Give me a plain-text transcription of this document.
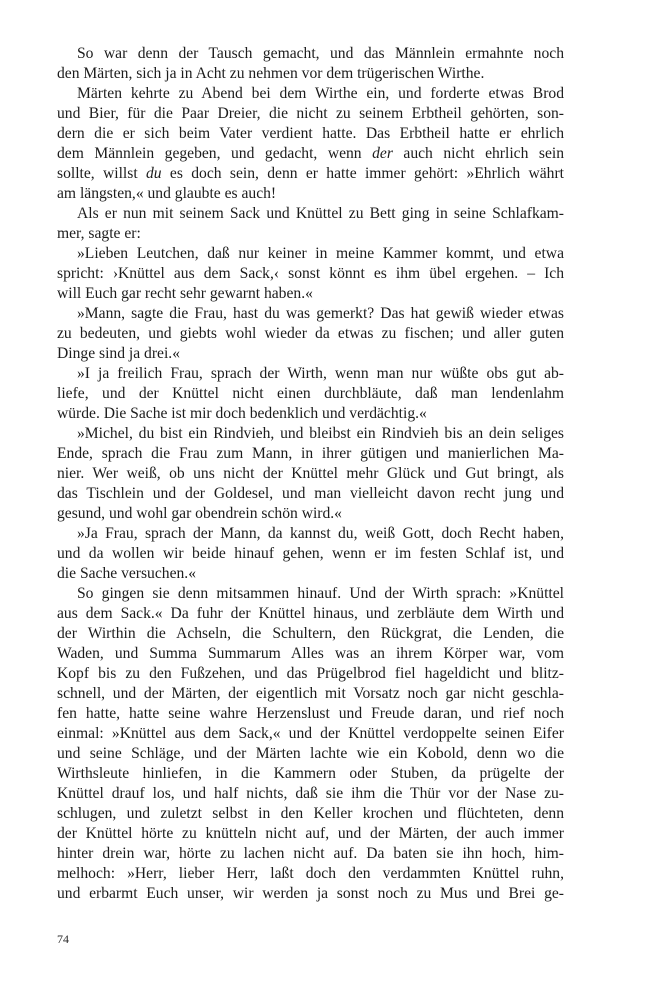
So war denn der Tausch gemacht, und das Männlein ermahnte noch
den Märten, sich ja in Acht zu nehmen vor dem trügerischen Wirthe.
Märten kehrte zu Abend bei dem Wirthe ein, und forderte etwas Brod
und Bier, für die Paar Dreier, die nicht zu seinem Erbtheil gehörten, son-
dern die er sich beim Vater verdient hatte. Das Erbtheil hatte er ehrlich
dem Männlein gegeben, und gedacht, wenn der auch nicht ehrlich sein
sollte, willst du es doch sein, denn er hatte immer gehört: »Ehrlich währt
am längsten,« und glaubte es auch!
Als er nun mit seinem Sack und Knüttel zu Bett ging in seine Schlafkam-
mer, sagte er:
»Lieben Leutchen, daß nur keiner in meine Kammer kommt, und etwa
spricht: ›Knüttel aus dem Sack,‹ sonst könnt es ihm übel ergehen. – Ich
will Euch gar recht sehr gewarnt haben.«
»Mann, sagte die Frau, hast du was gemerkt? Das hat gewiß wieder etwas
zu bedeuten, und giebts wohl wieder da etwas zu fischen; und aller guten
Dinge sind ja drei.«
»I ja freilich Frau, sprach der Wirth, wenn man nur wüßte obs gut ab-
liefe, und der Knüttel nicht einen durchbläute, daß man lendenlahm
würde. Die Sache ist mir doch bedenklich und verdächtig.«
»Michel, du bist ein Rindvieh, und bleibst ein Rindvieh bis an dein seliges
Ende, sprach die Frau zum Mann, in ihrer gütigen und manierlichen Ma-
nier. Wer weiß, ob uns nicht der Knüttel mehr Glück und Gut bringt, als
das Tischlein und der Goldesel, und man vielleicht davon recht jung und
gesund, und wohl gar obendrein schön wird.«
»Ja Frau, sprach der Mann, da kannst du, weiß Gott, doch Recht haben,
und da wollen wir beide hinauf gehen, wenn er im festen Schlaf ist, und
die Sache versuchen.«
So gingen sie denn mitsammen hinauf. Und der Wirth sprach: »Knüttel
aus dem Sack.« Da fuhr der Knüttel hinaus, und zerbläute dem Wirth und
der Wirthin die Achseln, die Schultern, den Rückgrat, die Lenden, die
Waden, und Summa Summarum Alles was an ihrem Körper war, vom
Kopf bis zu den Fußzehen, und das Prügelbrod fiel hageldicht und blitz-
schnell, und der Märten, der eigentlich mit Vorsatz noch gar nicht geschla-
fen hatte, hatte seine wahre Herzenslust und Freude daran, und rief noch
einmal: »Knüttel aus dem Sack,« und der Knüttel verdoppelte seinen Eifer
und seine Schläge, und der Märten lachte wie ein Kobold, denn wo die
Wirthsleute hinliefen, in die Kammern oder Stuben, da prügelte der
Knüttel drauf los, und half nichts, daß sie ihm die Thür vor der Nase zu-
schlugen, und zuletzt selbst in den Keller krochen und flüchteten, denn
der Knüttel hörte zu knütteln nicht auf, und der Märten, der auch immer
hinter drein war, hörte zu lachen nicht auf. Da baten sie ihn hoch, him-
melhoch: »Herr, lieber Herr, laßt doch den verdammten Knüttel ruhn,
und erbarmt Euch unser, wir werden ja sonst noch zu Mus und Brei ge-
74
